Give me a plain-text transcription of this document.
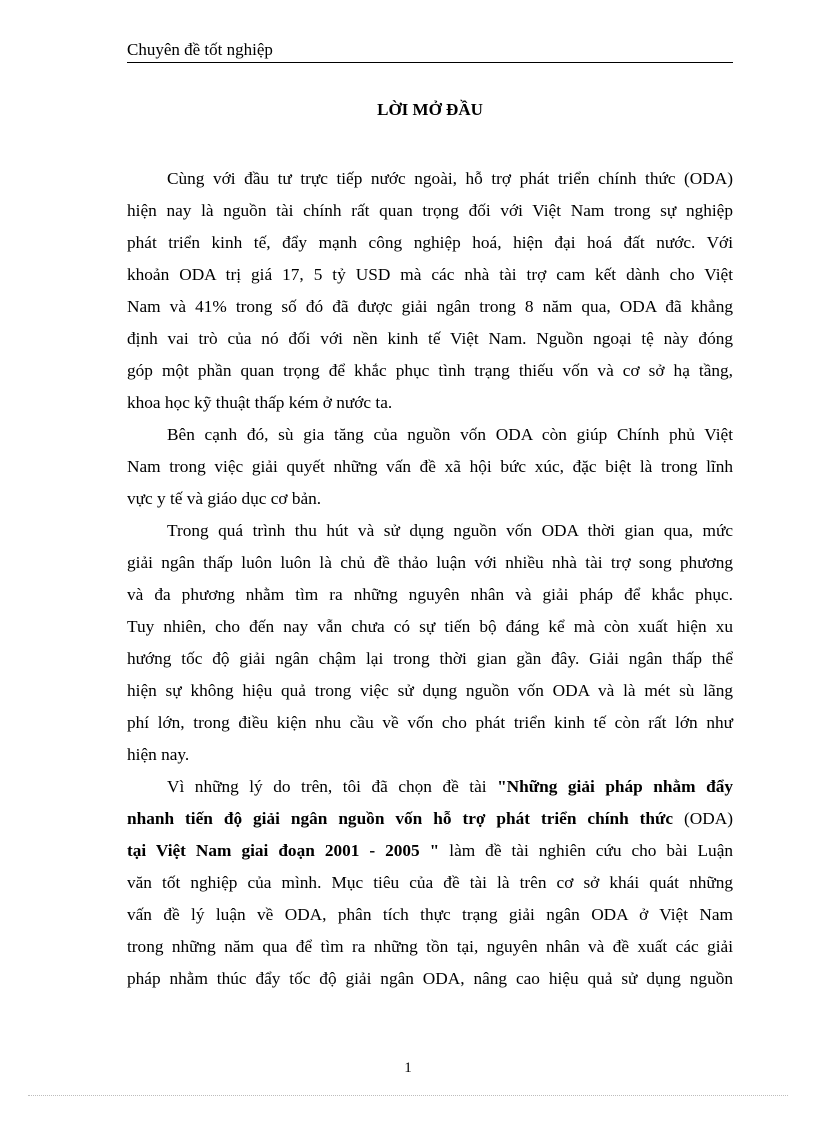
Chuyên đề tốt nghiệp
LỜI MỞ ĐẦU
Cùng với đầu tư trực tiếp nước ngoài, hỗ trợ phát triển chính thức (ODA)
hiện nay là nguồn tài chính rất quan trọng đối với Việt Nam trong sự nghiệp
phát triển kinh tế, đẩy mạnh công nghiệp hoá, hiện đại hoá đất nước. Với
khoản ODA trị giá 17, 5 tỷ USD mà các nhà tài trợ cam kết dành cho Việt
Nam và 41% trong số đó đã được giải ngân trong 8 năm qua, ODA đã khẳng
định vai trò của nó đối với nền kinh tế Việt Nam. Nguồn ngoại tệ này đóng
góp một phần quan trọng để khắc phục tình trạng thiếu vốn và cơ sở hạ tầng,
khoa học kỹ thuật thấp kém ở nước ta.
Bên cạnh đó, sù gia tăng của nguồn vốn ODA còn giúp Chính phủ Việt
Nam trong việc giải quyết những vấn đề xã hội bức xúc, đặc biệt là trong lĩnh
vực y tế và giáo dục cơ bản.
Trong quá trình thu hút và sử dụng nguồn vốn ODA thời gian qua, mức
giải ngân thấp luôn luôn là chủ đề thảo luận với nhiều nhà tài trợ song phương
và đa phương nhằm tìm ra những nguyên nhân và giải pháp để khắc phục.
Tuy nhiên, cho đến nay vẫn chưa có sự tiến bộ đáng kể mà còn xuất hiện xu
hướng tốc độ giải ngân chậm lại trong thời gian gần đây. Giải ngân thấp thể
hiện sự không hiệu quả trong việc sử dụng nguồn vốn ODA và là mét sù lãng
phí lớn, trong điều kiện nhu cầu về vốn cho phát triển kinh tế còn rất lớn như
hiện nay.
Vì những lý do trên, tôi đã chọn đề tài "Những giải pháp nhằm đẩy
nhanh tiến độ giải ngân nguồn vốn hỗ trợ phát triển chính thức (ODA)
tại Việt Nam giai đoạn 2001 - 2005 " làm đề tài nghiên cứu cho bài Luận
văn tốt nghiệp của mình. Mục tiêu của đề tài là trên cơ sở khái quát những
vấn đề lý luận về ODA, phân tích thực trạng giải ngân ODA ở Việt Nam
trong những năm qua để tìm ra những tồn tại, nguyên nhân và đề xuất các giải
pháp nhằm thúc đẩy tốc độ giải ngân ODA, nâng cao hiệu quả sử dụng nguồn
1
